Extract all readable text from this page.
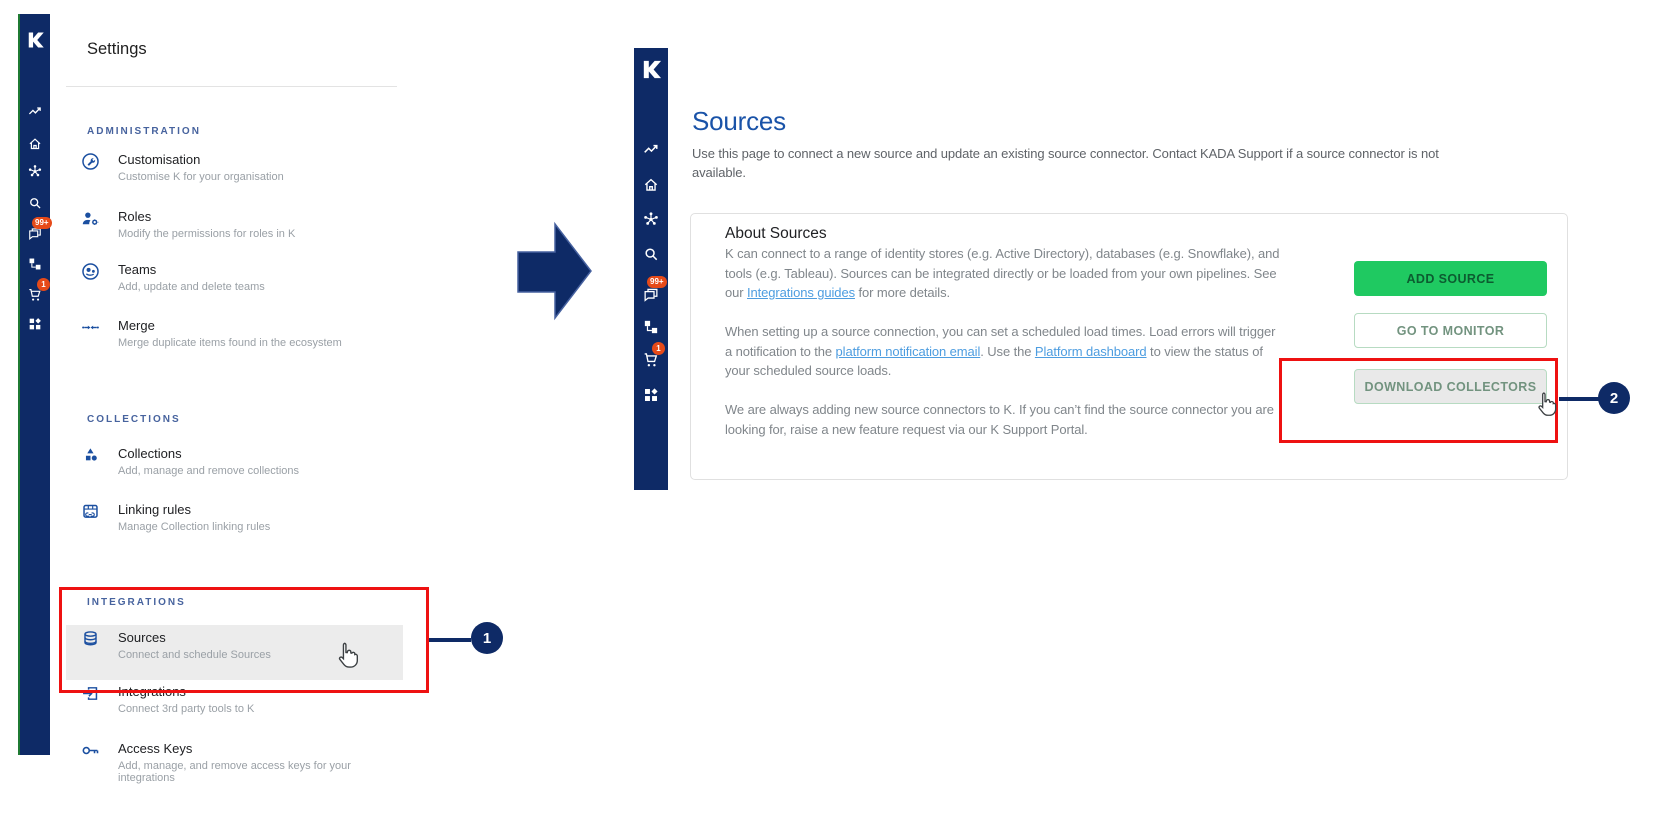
99+
1
Settings
ADMINISTRATION
Customisation
Customise K for your organisation
Roles
Modify the permissions for roles in K
Teams
Add, update and delete teams
Merge
Merge duplicate items found in the ecosystem
COLLECTIONS
Collections
Add, manage and remove collections
Linking rules
Manage Collection linking rules
INTEGRATIONS
Sources
Connect and schedule Sources
Integrations
Connect 3rd party tools to K
Access Keys
Add, manage, and remove access keys for your integrations
1
99+
1
Sources
Use this page to connect a new source and update an existing source connector. Contact KADA Support if a source connector is not available.
About Sources

K can connect to a range of identity stores (e.g. Active Directory), databases (e.g. Snowflake), and tools (e.g. Tableau). Sources can be integrated directly or be loaded from your own pipelines. See our Integrations guides for more details.

When setting up a source connection, you can set a scheduled load times. Load errors will trigger a notification to the platform notification email. Use the Platform dashboard to view the status of your scheduled source loads.

We are always adding new source connectors to K. If you can’t find the source connector you are looking for, raise a new feature request via our K Support Portal.

ADD SOURCE
GO TO MONITOR
DOWNLOAD COLLECTORS
2
